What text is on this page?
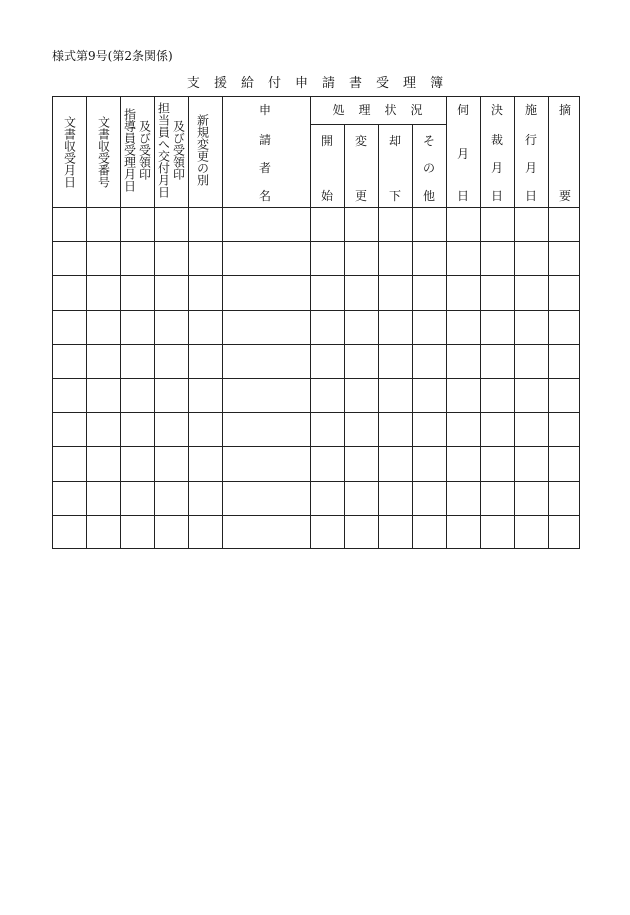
様式第9号(第2条関係)
支 援 給 付 申 請 書 受 理 簿
文書収受月日 文書収受番号 指導員受理月日 及び受領印 担当員へ交付月日 及び受領印 新規変更の別
申
請
者
名
処　理　状　況
開
始
変
更
却
下
そ
の
他
伺
月
日
決
裁
月
日
施
行
月
日
摘
要
